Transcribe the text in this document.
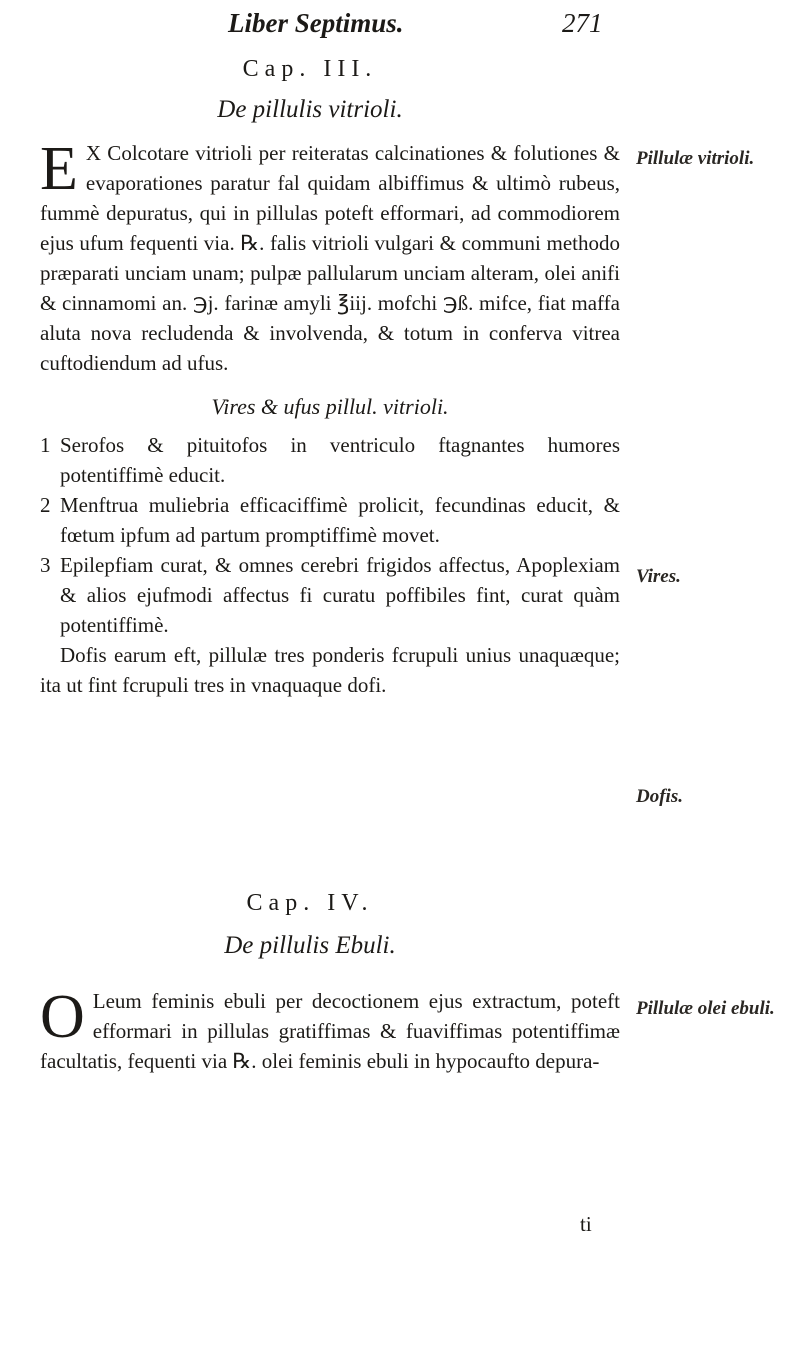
Liber Septimus.	271
Cap. III.
De pillulis vitrioli.
E X Colcotare vitrioli per reiteratas calcinationes & folutiones & evaporationes paratur fal quidam albiffimus & ultimò rubeus, fummè depuratus, qui in pillulas poteft efformari, ad commodiorem ejus ufum fequenti via. ℞. falis vitrioli vulgari & communi methodo præparati unciam unam; pulpæ pallularum unciam alteram, olei anifi & cinnamomi an. ℈j. farinæ amyli ℥iij. mofchi ℈ß. mifce, fiat maffa aluta nova recludenda & involvenda, & totum in conferva vitrea cuftodiendum ad ufus.
Vires & ufus pillul. vitrioli.
1 Serofos & pituitofos in ventriculo ftagnantes humores potentiffimè educit.
2 Menftrua muliebria efficaciffimè prolicit, fecundinas educit, & fœtum ipfum ad partum promptiffimè movet.
3 Epilepfiam curat, & omnes cerebri frigidos affectus, Apoplexiam & alios ejufmodi affectus fi curatu poffibiles fint, curat quàm potentiffimè.
Dofis earum eft, pillulæ tres ponderis fcrupuli unius unaquæque; ita ut fint fcrupuli tres in vnaquaque dofi.
Cap. IV.
De pillulis Ebuli.
O Leum feminis ebuli per decoctionem ejus extractum, poteft efformari in pillulas gratiffimas & fuaviffimas potentiffimæ facultatis, fequenti via ℞. olei feminis ebuli in hypocaufto depura-
Pillulæ vitrioli.
Vires.
Dofis.
Pillulæ olei ebuli.
ti
